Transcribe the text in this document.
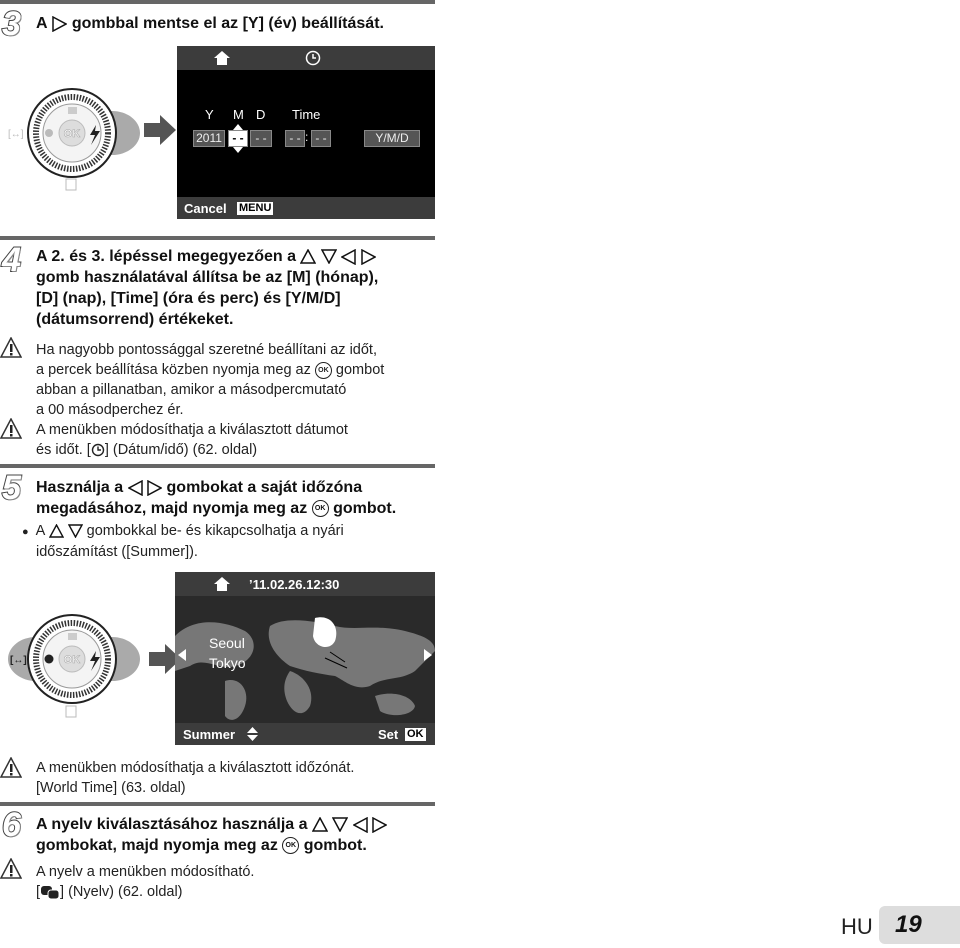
3 A gombbal mentse el az [Y] (év) beállítását.
OK
[↔]
Y M D Time
2011 - - - -	- - : - -	Y/M/D
Cancel MENU
4 A 2. és 3. lépéssel megegyezően a
gomb használatával állítsa be az [M] (hónap),
[D] (nap), [Time] (óra és perc) és [Y/M/D]
(dátumsorrend) értékeket.
Ha nagyobb pontossággal szeretné beállítani az időt,
a percek beállítása közben nyomja meg az OK gombot
abban a pillanatban, amikor a másodpercmutató
a 00 másodperchez ér.
A menükben módosíthatja a kiválasztott dátumot
és időt. [ ] (Dátum/idő) (62. oldal)
5 Használja a	gombokat a saját időzóna
megadásához, majd nyomja meg az OK gombot.
● A	gombokkal be- és kikapcsolhatja a nyári
időszámítást ([Summer]).
OK
[↔]
’11.02.26.12:30
Seoul
Tokyo
Summer	Set OK
A menükben módosíthatja a kiválasztott időzónát.
[World Time] (63. oldal)
6 A nyelv kiválasztásához használja a
gombokat, majd nyomja meg az OK gombot.
A nyelv a menükben módosítható.
[ ] (Nyelv) (62. oldal)
HU 19
